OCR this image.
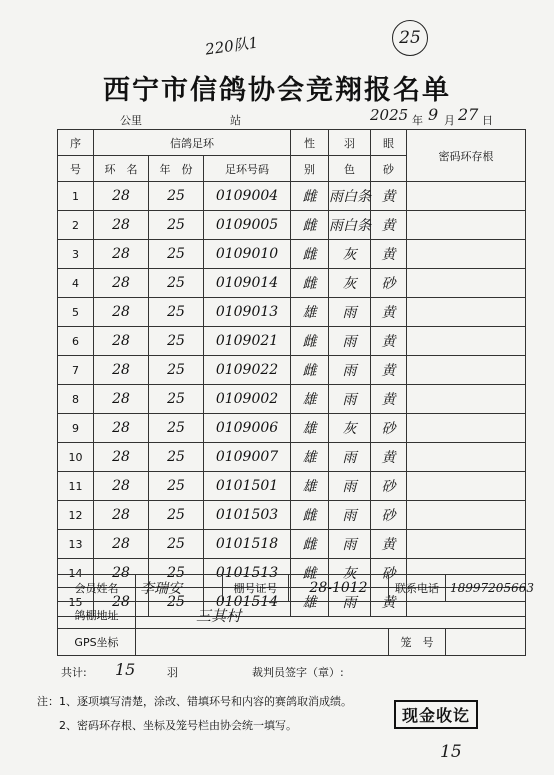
220队1	25
西宁市信鸽协会竞翔报名单
公里	站	2025 年 9 月 27 日
序	信鸽足环			性	羽	眼	密码环存根
号	环　名	年　份	足环号码	别	色	砂	
1	28	25	0109004	雌	雨白条	黄	
2	28	25	0109005	雌	雨白条	黄	
3	28	25	0109010	雌	灰	黄	
4	28	25	0109014	雌	灰	砂	
5	28	25	0109013	雄	雨	黄	
6	28	25	0109021	雌	雨	黄	
7	28	25	0109022	雌	雨	黄	
8	28	25	0109002	雄	雨	黄	
9	28	25	0109006	雄	灰	砂	
10	28	25	0109007	雄	雨	黄	
11	28	25	0101501	雄	雨	砂	
12	28	25	0101503	雌	雨	砂	
13	28	25	0101518	雌	雨	黄	
14	28	25	0101513	雌	灰	砂	
15	28	25	0101514	雄	雨	黄	
会员姓名	李瑞安	棚号证号	28-1012	联系电话	18997205663
鸽棚地址	三其村				
GPS坐标				笼　号	
共计: 15	羽	裁判员签字（章）:
注：1、逐项填写清楚，涂改、错填环号和内容的赛鸽取消成绩。
　　2、密码环存根、坐标及笼号栏由协会统一填写。
现金收讫
15
